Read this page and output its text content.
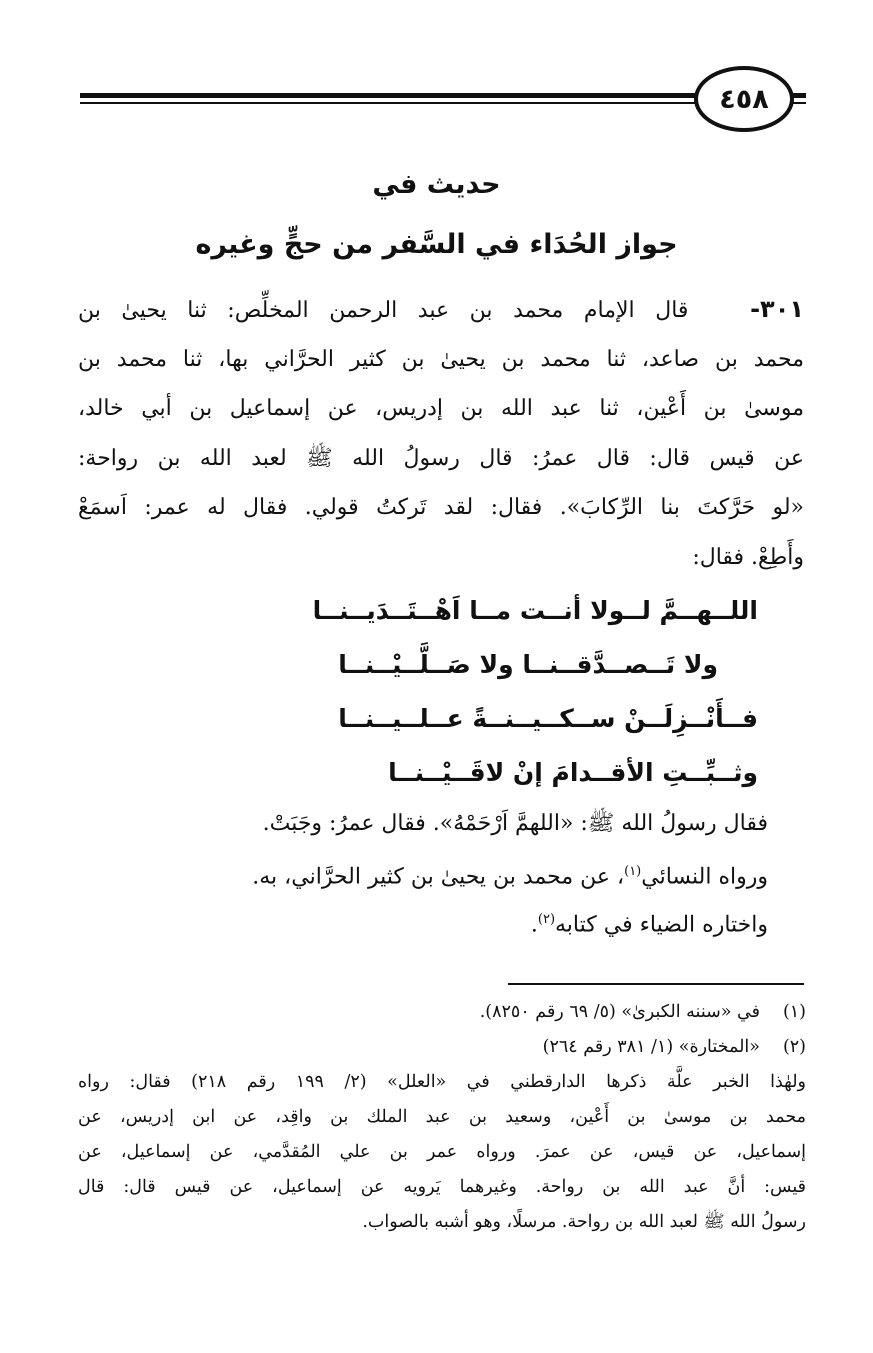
٤٥٨
حديث في
جواز الحُدَاء في السَّفر من حجٍّ وغيره
٣٠١-   قال الإمام محمد بن عبد الرحمن المخلِّص: ثنا يحيىٰ بن
محمد بن صاعد، ثنا محمد بن يحيىٰ بن كثير الحرَّاني بها، ثنا محمد بن
موسىٰ بن أَعْين، ثنا عبد الله بن إدريس، عن إسماعيل بن أبي خالد،
عن قيس قال: قال عمرُ: قال رسولُ الله ﷺ لعبد الله بن رواحة:
«لو حَرَّكتَ بنا الرِّكابَ». فقال: لقد تَركتُ قولي. فقال له عمر: اَسمَعْ
وأَطِعْ. فقال:
اللــهــمَّ لــولا أنــت مــا اَهْــتَــدَيــنــا
ولا تَــصــدَّقــنــا ولا صَــلَّــيْــنــا
فــأَنْــزِلَــنْ ســكــيــنــةً عــلــيــنــا
وثــبِّــتِ الأقــدامَ إنْ لاقَــيْــنــا
فقال رسولُ الله ﷺ: «اللهمَّ اَرْحَمْهُ». فقال عمرُ: وجَبَتْ.
ورواه النسائي$^{(١)}$، عن محمد بن يحيىٰ بن كثير الحرَّاني، به.
واختاره الضياء في كتابه$^{(٢)}$.
(١)
في «سننه الكبرىٰ» (٥/ ٦٩ رقم ٨٢٥٠).
(٢)
«المختارة» (١/ ٣٨١ رقم ٢٦٤)
ولهٰذا الخبر علَّة ذكرها الدارقطني في «العلل» (٢/ ١٩٩ رقم ٢١٨) فقال: رواه
محمد بن موسىٰ بن أَعْين، وسعيد بن عبد الملك بن واقِد، عن ابن إدريس، عن
إسماعيل، عن قيس، عن عمرَ. ورواه عمر بن علي المُقدَّمي، عن إسماعيل، عن
قيس: أنَّ عبد الله بن رواحة. وغيرهما يَرويه عن إسماعيل، عن قيس قال: قال
رسولُ الله ﷺ لعبد الله بن رواحة. مرسلًا، وهو أشبه بالصواب.
